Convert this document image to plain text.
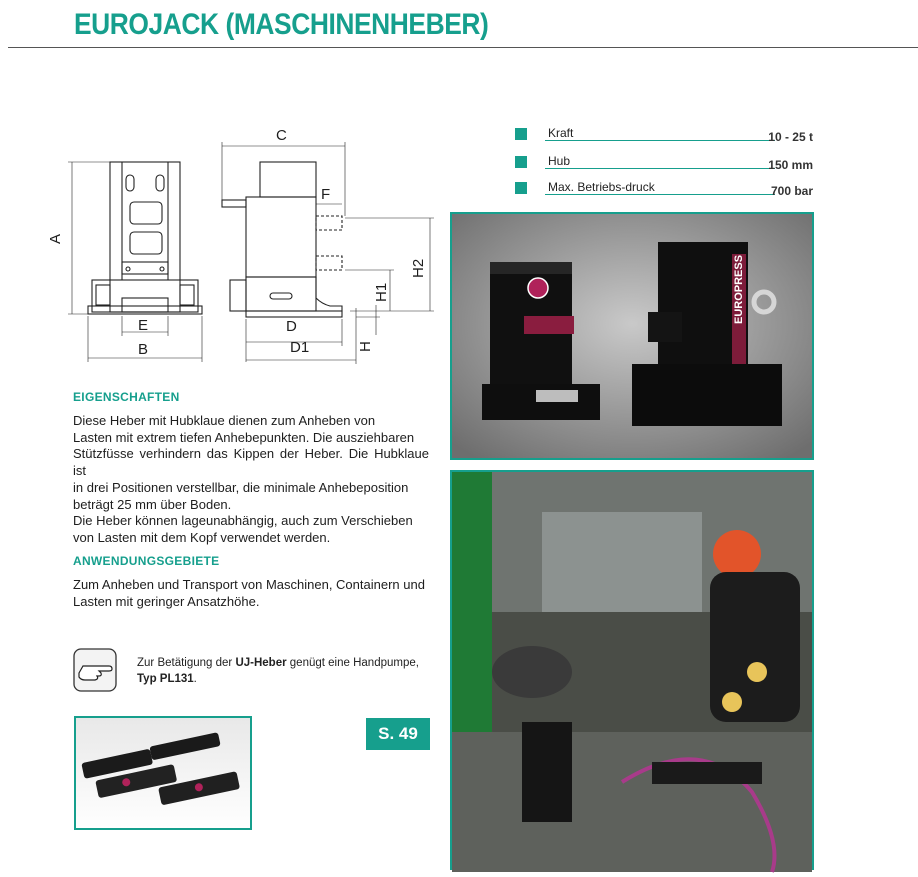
EUROJACK (MASCHINENHEBER)
A
B
C
D
D1
E
F
H
H1
H2
Kraft	10 - 25 t
Hub	150 mm
Max. Betriebs-druck	700 bar
EIGENSCHAFTEN
Diese Heber mit Hubklaue dienen zum Anheben von
Lasten mit extrem tiefen Anhebepunkten. Die ausziehbaren
Stützfüsse verhindern das Kippen der Heber. Die Hubklaue ist
in drei Positionen verstellbar, die minimale Anhebeposition
beträgt 25 mm über Boden.
Die Heber können lageunabhängig, auch zum Verschieben
von Lasten mit dem Kopf verwendet werden.
ANWENDUNGSGEBIETE
Zum Anheben und Transport von Maschinen, Containern und
Lasten mit geringer Ansatzhöhe.
Zur Betätigung der UJ-Heber genügt eine Handpumpe,
Typ PL131.
S. 49
EUROPRESS
